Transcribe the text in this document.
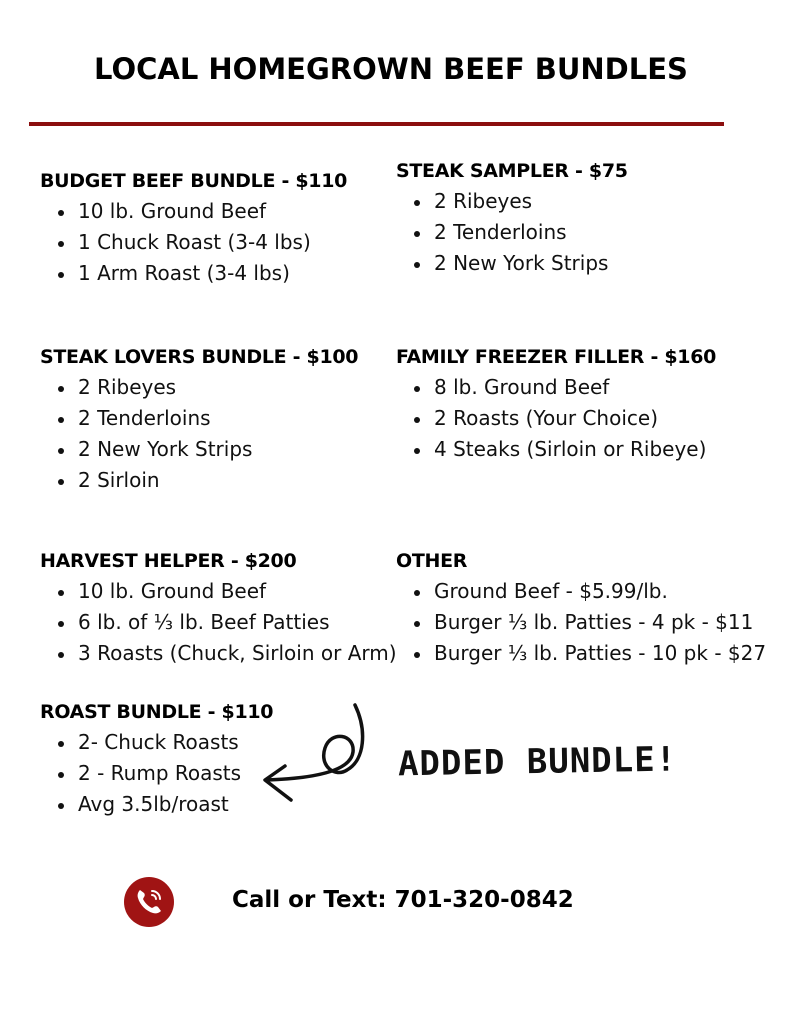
LOCAL HOMEGROWN BEEF BUNDLES
BUDGET BEEF BUNDLE - $110
10 lb. Ground Beef
1 Chuck Roast (3-4 lbs)
1 Arm Roast (3-4 lbs)
STEAK SAMPLER - $75
2 Ribeyes
2 Tenderloins
2 New York Strips
STEAK LOVERS BUNDLE - $100
2 Ribeyes
2 Tenderloins
2 New York Strips
2 Sirloin
FAMILY FREEZER FILLER - $160
8 lb. Ground Beef
2 Roasts (Your Choice)
4 Steaks (Sirloin or Ribeye)
HARVEST HELPER - $200
10 lb. Ground Beef
6 lb. of ⅓ lb. Beef Patties
3 Roasts (Chuck, Sirloin or Arm)
OTHER
Ground Beef - $5.99/lb.
Burger ⅓ lb. Patties - 4 pk - $11
Burger ⅓ lb. Patties - 10 pk - $27
ROAST BUNDLE - $110
2- Chuck Roasts
2 - Rump Roasts
Avg 3.5lb/roast
ADDED BUNDLE!
Call or Text: 701-320-0842
